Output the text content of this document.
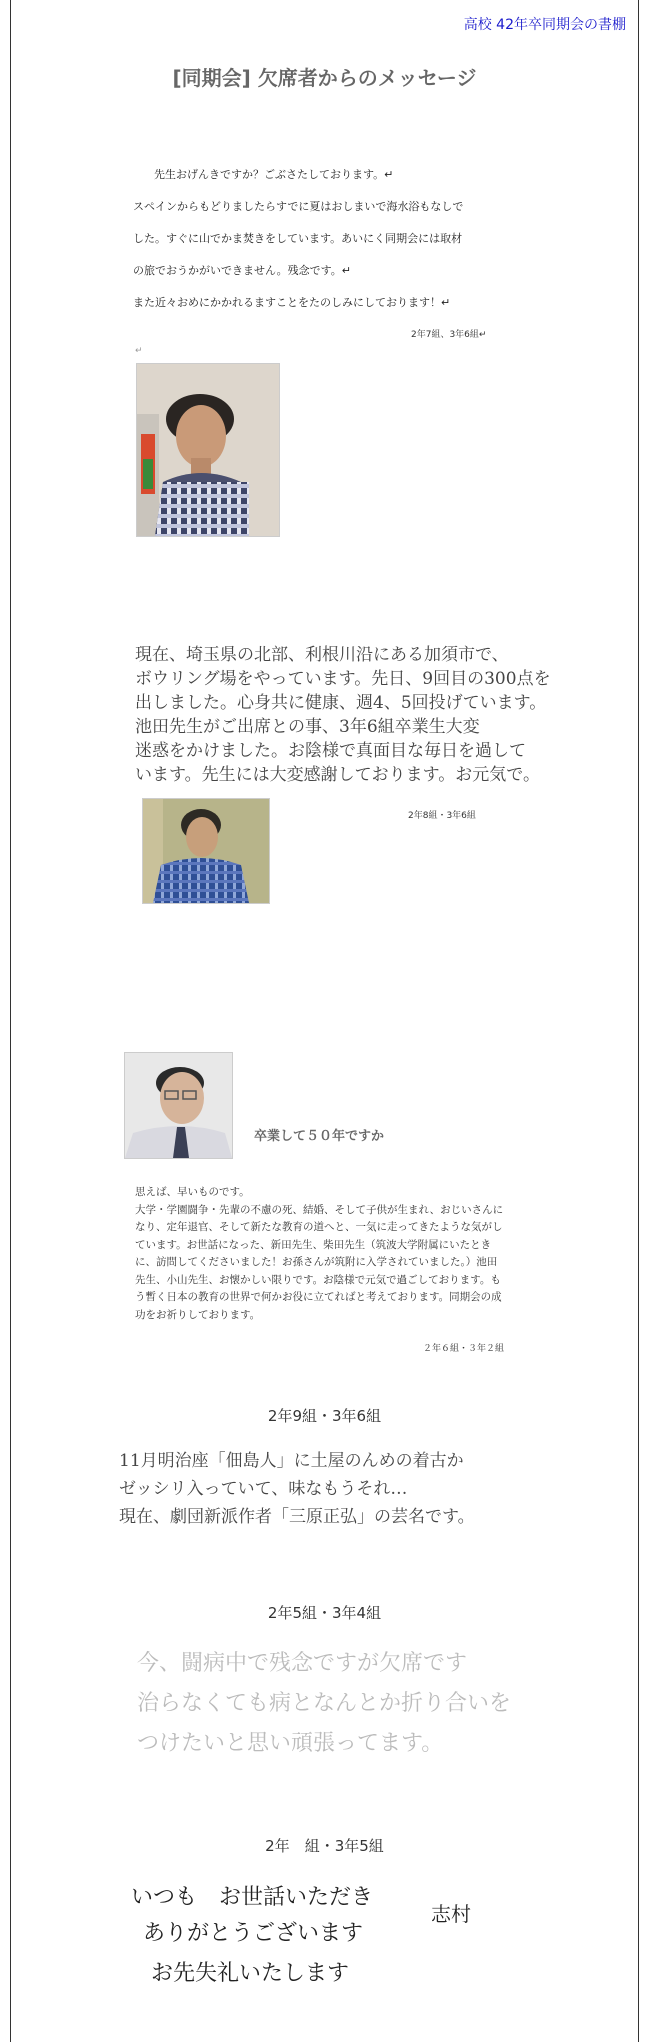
高校 42年卒同期会の書棚
[同期会] 欠席者からのメッセージ
　先生おげんきですか？ごぶさたしております。↵
スペインからもどりましたらすでに夏はおしまいで海水浴もなしで
した。すぐに山でかま焚きをしています。あいにく同期会には取材
の旅でおうかがいできません。残念です。↵
また近々おめにかかれるますことをたのしみにしております！↵
2年7組、3年6組↵
↵
現在、埼玉県の北部、利根川沿にある加須市で、
ボウリング場をやっています。先日、9回目の300点を
出しました。心身共に健康、週4、5回投げています。
池田先生がご出席との事、3年6組卒業生大変
迷惑をかけました。お陰様で真面目な毎日を過して
います。先生には大変感謝しております。お元気で。
2年8組・3年6組
卒業して５０年ですか
思えば、早いものです。
大学・学園闘争・先輩の不慮の死、結婚、そして子供が生まれ、おじいさんに
なり、定年退官、そして新たな教育の道へと、一気に走ってきたような気がし
ています。お世話になった、新田先生、柴田先生（筑波大学附属にいたとき
に、訪問してくださいました！お孫さんが筑附に入学されていました。）池田
先生、小山先生、お懐かしい限りです。お陰様で元気で過ごしております。も
う暫く日本の教育の世界で何かお役に立てればと考えております。同期会の成
功をお祈りしております。
２年６組・３年２組
2年9組・3年6組
11月明治座「佃島人」に土屋のんめの着古か
ゼッシリ入っていて、味なもうそれ…
現在、劇団新派作者「三原正弘」の芸名です。
2年5組・3年4組
今、闘病中で残念ですが欠席です
治らなくても病となんとか折り合いを
つけたいと思い頑張ってます。
2年　組・3年5組
いつも　お世話いただき
ありがとうございます
お先失礼いたします
志村
